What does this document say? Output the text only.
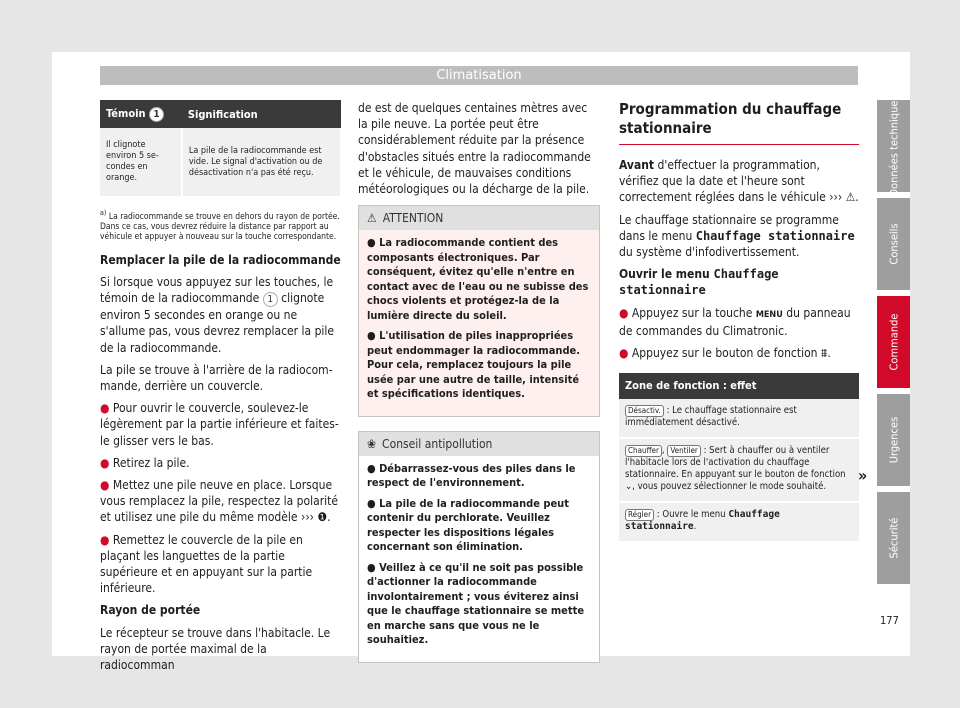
Climatisation
Témoin 1	Signification
Il clignote environ 5 secondes en orange.	La pile de la radiocommande est vide. Le signal d'activation ou de désactivation n'a pas été reçu.
$^{a)}$ La radiocommande se trouve en dehors du rayon de portée. Dans ce cas, vous devrez réduire la distance par rapport au véhicule et appuyer à nouveau sur la touche correspondante.

Remplacer la pile de la radiocommande

Si lorsque vous appuyez sur les touches, le témoin de la radiocommande 1 clignote environ 5 secondes en orange ou ne s'allume pas, vous devrez remplacer la pile de la radiocommande.

La pile se trouve à l'arrière de la radiocommande, derrière un couvercle.

● Pour ouvrir le couvercle, soulevez-le légèrement par la partie inférieure et faites-le glisser vers le bas.

● Retirez la pile.

● Mettez une pile neuve en place. Lorsque vous remplacez la pile, respectez la polarité et utilisez une pile du même modèle ››› ❶.

● Remettez le couvercle de la pile en plaçant les languettes de la partie supérieure et en appuyant sur la partie inférieure.

Rayon de portée

Le récepteur se trouve dans l'habitacle. Le rayon de portée maximal de la radiocomman

de est de quelques centaines mètres avec la pile neuve. La portée peut être considérablement réduite par la présence d'obstacles situés entre la radiocommande et le véhicule, de mauvaises conditions météorologiques ou la décharge de la pile.

⚠ ATTENTION

● La radiocommande contient des composants électroniques. Par conséquent, évitez qu'elle n'entre en contact avec de l'eau ou ne subisse des chocs violents et protégez-la de la lumière directe du soleil.

● L'utilisation de piles inappropriées peut endommager la radiocommande. Pour cela, remplacez toujours la pile usée par une autre de taille, intensité et spécifications identiques.

❀ Conseil antipollution

● Débarrassez-vous des piles dans le respect de l'environnement.

● La pile de la radiocommande peut contenir du perchlorate. Veuillez respecter les dispositions légales concernant son élimination.

● Veillez à ce qu'il ne soit pas possible d'actionner la radiocommande involontairement ; vous éviterez ainsi que le chauffage stationnaire se mette en marche sans que vous ne le souhaitiez.

Programmation du chauffage stationnaire

Avant d'effectuer la programmation, vérifiez que la date et l'heure sont correctement réglées dans le véhicule ››› ⚠.

Le chauffage stationnaire se programme dans le menu Chauffage stationnaire du système d'infodivertissement.

Ouvrir le menu Chauffage stationnaire

● Appuyez sur la touche MENU du panneau de commandes du Climatronic.

● Appuyez sur le bouton de fonction ⩩.

Zone de fonction : effet
Désactiv. : Le chauffage stationnaire est immédiatement désactivé.
Chauffer , Ventiler : Sert à chauffer ou à ventiler l'habitacle lors de l'activation du chauffage stationnaire. En appuyant sur le bouton de fonction ⌄, vous pouvez sélectionner le mode souhaité.
Régler : Ouvre le menu Chauffage stationnaire.
»
Données techniques
Conseils
Commande
Urgences
Sécurité
177
